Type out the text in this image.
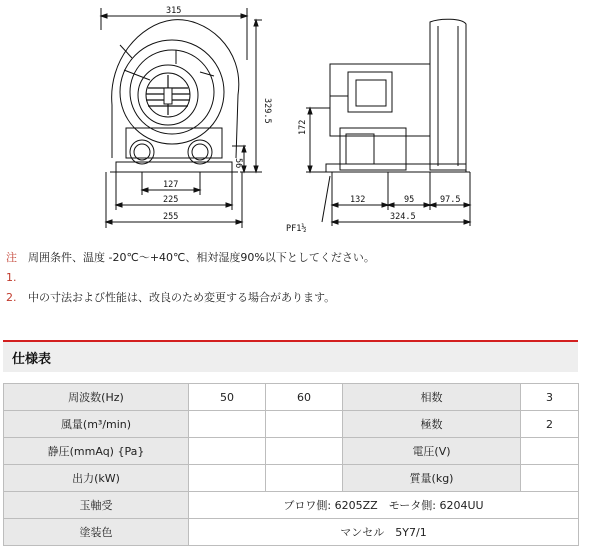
315
329.5
56
127
225
255
172
132	95	97.5
324.5
PF1½
注	周囲条件、温度 -20℃～+40℃、相対湿度90%以下としてください。
1.
2.	中の寸法および性能は、改良のため変更する場合があります。
仕様表
周波数(Hz)	50	60	相数	3
風量(m³/min)			極数	2
静圧(mmAq) {Pa}			電圧(V)	
出力(kW)			質量(kg)	
玉軸受	ブロワ側: 6205ZZ　モータ側: 6204UU			
塗装色	マンセル　5Y7/1			
